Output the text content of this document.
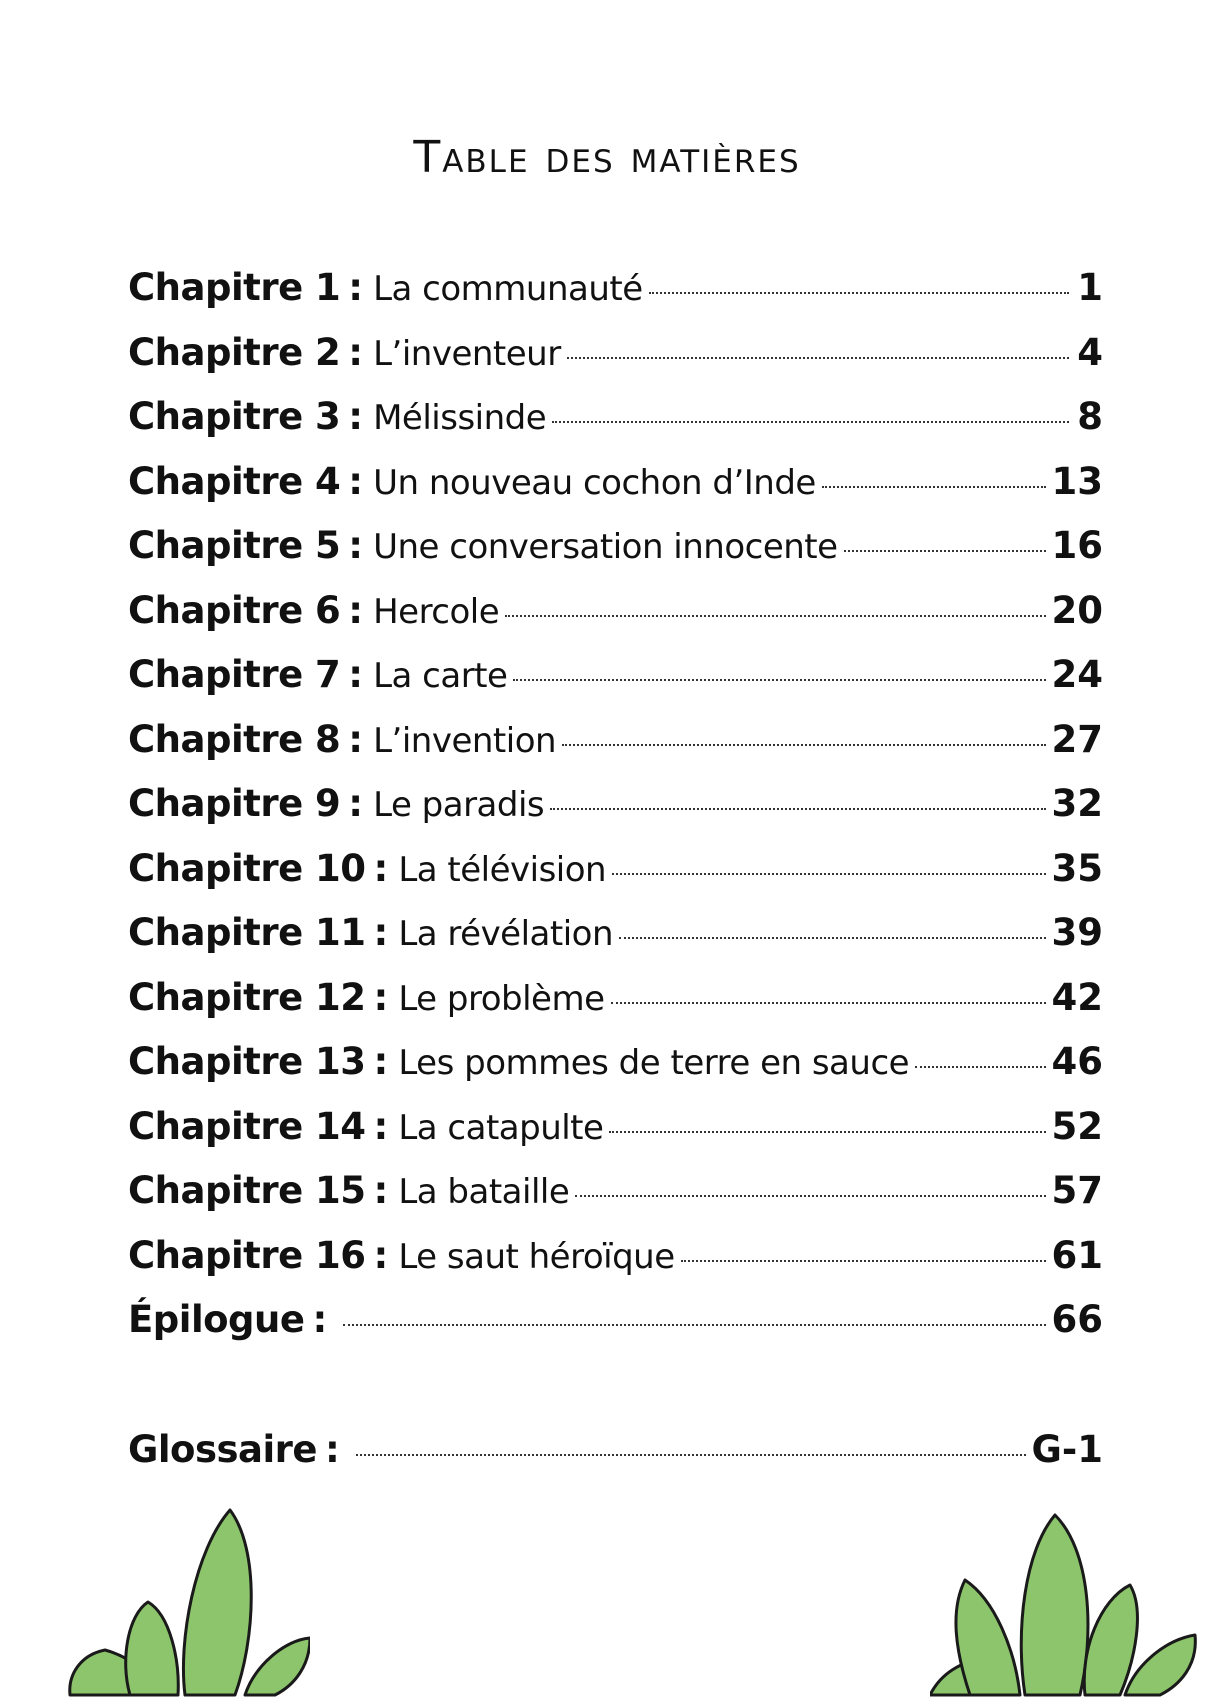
Table des matières
Chapitre 1 : La communauté	1
Chapitre 2 : L’inventeur	4
Chapitre 3 : Mélissinde	8
Chapitre 4 : Un nouveau cochon d’Inde	13
Chapitre 5 : Une conversation innocente	16
Chapitre 6 : Hercole	20
Chapitre 7 : La carte	24
Chapitre 8 : L’invention	27
Chapitre 9 : Le paradis	32
Chapitre 10 : La télévision	35
Chapitre 11 : La révélation	39
Chapitre 12 : Le problème	42
Chapitre 13 : Les pommes de terre en sauce	46
Chapitre 14 : La catapulte	52
Chapitre 15 : La bataille	57
Chapitre 16 : Le saut héroïque	61
Épilogue :	66
Glossaire :	G-1
